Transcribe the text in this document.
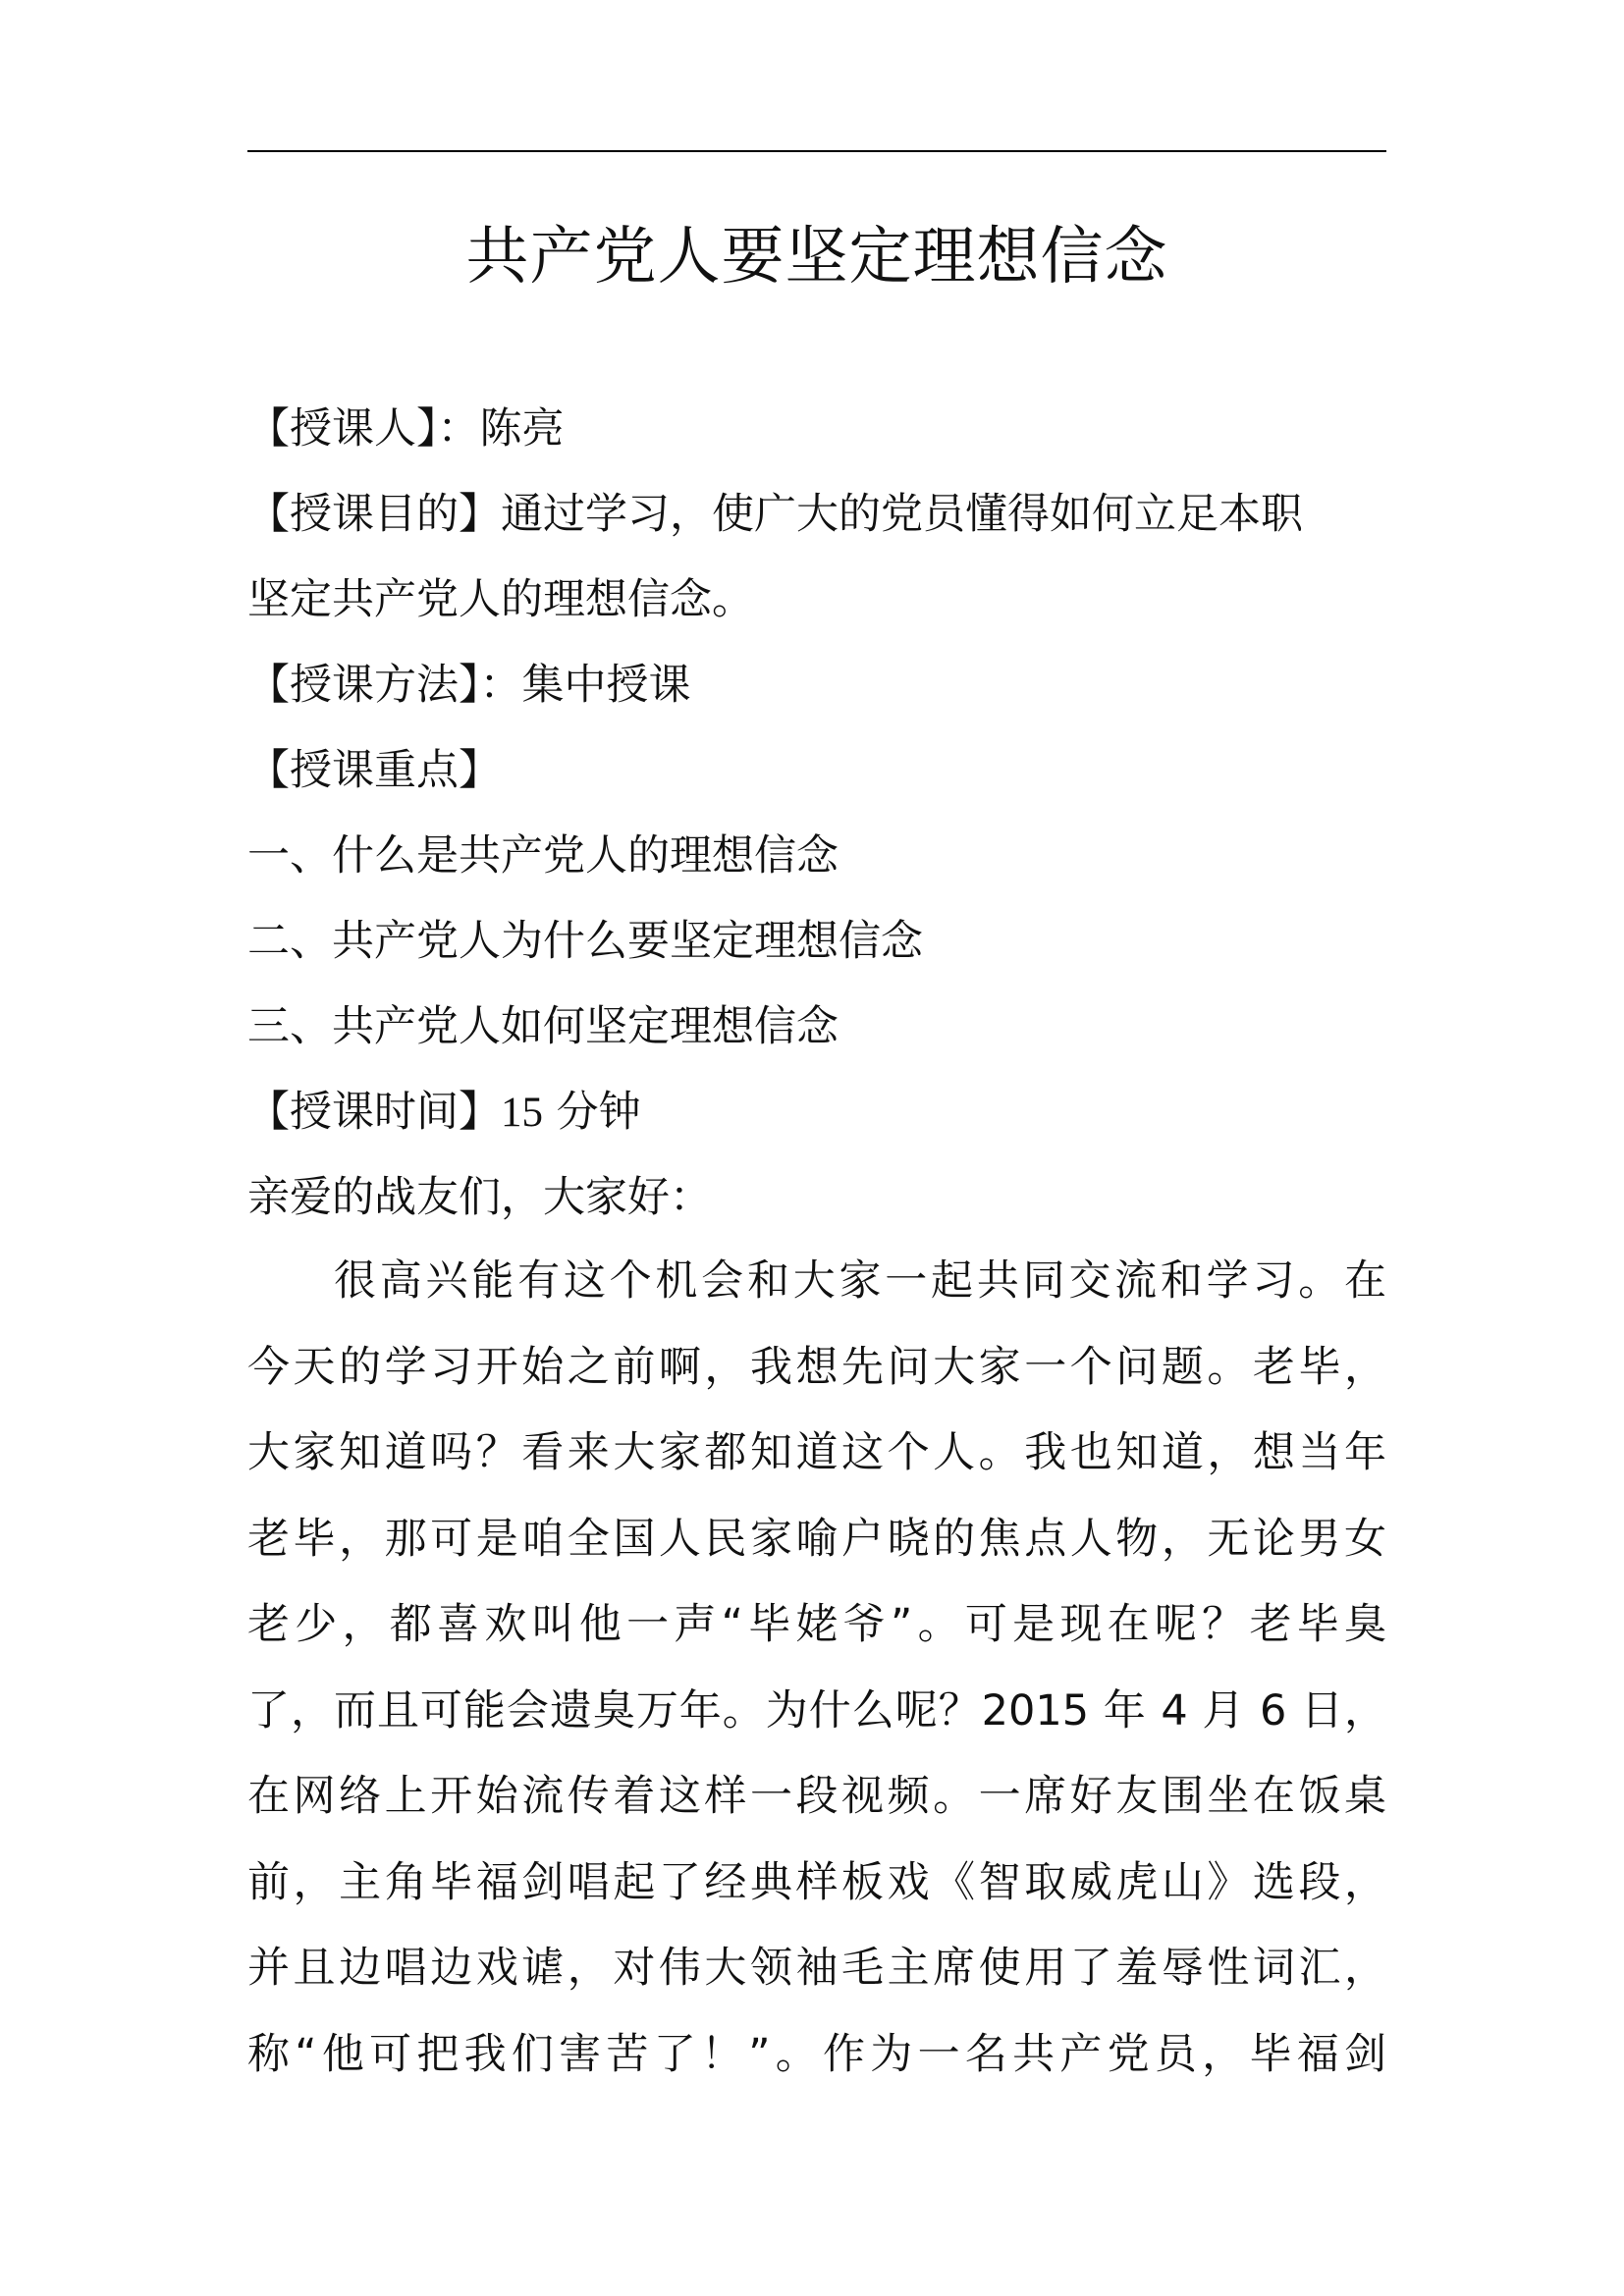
共产党人要坚定理想信念
【授课人】：陈亮
【授课目的】通过学习，使广大的党员懂得如何立足本职
坚定共产党人的理想信念。
【授课方法】：集中授课
【授课重点】
一、什么是共产党人的理想信念
二、共产党人为什么要坚定理想信念
三、共产党人如何坚定理想信念
【授课时间】15 分钟
亲爱的战友们，大家好：
很高兴能有这个机会和大家一起共同交流和学习。在
今天的学习开始之前啊，我想先问大家一个问题。老毕，
大家知道吗？看来大家都知道这个人。我也知道，想当年
老毕，那可是咱全国人民家喻户晓的焦点人物，无论男女
老少，都喜欢叫他一声“毕姥爷”。可是现在呢？老毕臭
了，而且可能会遗臭万年。为什么呢？2015 年 4 月 6 日，
在网络上开始流传着这样一段视频。一席好友围坐在饭桌
前，主角毕福剑唱起了经典样板戏《智取威虎山》选段，
并且边唱边戏谑，对伟大领袖毛主席使用了羞辱性词汇，
称“他可把我们害苦了！”。作为一名共产党员，毕福剑
